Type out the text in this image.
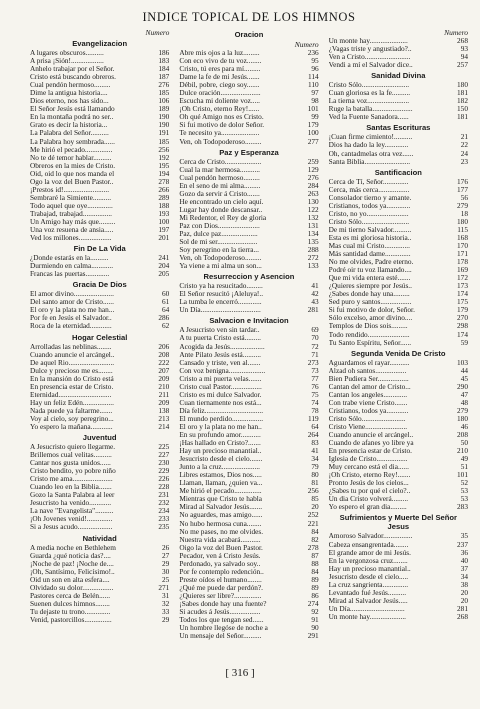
INDICE TOPICAL DE LOS HIMNOS
Numero
Evangelizacion
A lugares obscuros..........	186
A prisa ¡Sión!..................	183
Anhelo trabajar por el Señor.	184
Cristo está buscando obreros.	187
Cual pendón hermoso.........	276
Dime la antigua historia....	185
Dios eterno, nos has sido...	106
El Señor Jesús está llamando	189
En la montaña podrá no ser..	190
Grato es decir la historia...	190
La Palabra del Señor..........	191
La Palabra hoy sembrada......	185
Me hirió el pecado...............	256
No te dé temor hablar..........	192
Obreros en la mies de Cristo.	195
Oid, oid lo que nos manda el	194
Ogo la voz del Buen Pastor..	278
¡Prestos id!.........................	266
Sembraré la Simiente..........	289
Todo aquel que oye..............	188
Trabajad, trabajad................	193
Un Amigo hay más que.........	100
Una voz resuena de ansia.....	197
Ved los millones..................	201
Fin De La Vida
¿Donde estarás en la..........	241
Durmiendo en calma............	204
Francas las puertas.............	205
Gracia De Dios
El amor divino......................	60
Del santo amor de Cristo......	61
El oro y la plata no me han...	64
Por fe en Jesús el Salvador..	286
Roca de la eternidad............	62
Hogar Celestial
Arrolladas las neblinas........	206
Cuando anuncie el arcángel..	208
De aquel Rio.........................	222
Dulce y precioso me es........	207
En la mansión do Cristo está	209
En presencia estar de Cristo.	210
Eternidad.............................	211
Hay un feliz Edén.................	209
Nada puede ya faltarme.......	138
Voy al cielo, soy peregrino...	213
Yo espero la mañana............	214
Juventud
A Jesucristo quiero llegarme.	225
Brillemos cual velitas..........	227
Cantar nos gusta unidos......	230
Cristo bendito, yo pobre niño	229
Cristo me ama......................	226
Cuando leo en la Biblia.......	228
Gozo la Santa Palabra al leer	231
Jesucristo ha venido............	232
La nave "Evangelista"..........	234
¡Oh Jovenes venid!..............	233
Si a Jesus acudo...................	235
Natividad
A media noche en Bethlehem	26
Guarda ¿qué noticia das?....	27
¡Noche de paz! ¡Noche de....	29
¡Oh, Santísimo, Felicísimo!..	30
Oid un son en alta esfera....	25
Olvidado su dolor.................	271
Pastores cerca de Belén......	31
Suenen dulces himnos........	32
Tu dejaste tu trono..............	33
Venid, pastorcillos...............	29
Oracion
Numero
Abre mis ojos a la luz.........	236
Con eco vivo de tu voz........	95
Cristo, tú eres para mí.........	96
Dame la fe de mi Jesús.......	114
Débil, pobre, ciego soy.......	110
Dulce oración......................	97
Escucha mi doliente voz.....	98
¡Oh Cristo, eterno Rey!......	101
Oh qué Amigo nos es Cristo.	99
Si fui motivo de dolor Señor.	179
Te necesito ya.....................	100
Ven, oh Todopoderoso.........	277
Paz y Esperanza
Cerca de Cristo....................	259
Cual la mar hermosa...........	129
Cual pendón hermoso.........	276
En el seno de mi alma.........	284
Gozo da servir á Cristo.......	263
He encontrado un cielo aquí.	130
Lugar hay donde descansar..	122
Mi Redentor, el Rey de gloria	132
Paz con Dios.......................	131
Paz, dulce paz....................	134
Sol de mi ser......................	135
Soy peregrino en la tierra...	288
Ven, oh Todopoderoso.........	272
Ya viene a mi alma un son...	133
Resurreccion y Asencion
Cristo ya ha resucitado.........	41
El Señor resucitó ¡Aleluya!..	42
La tumba le encerró.............	43
Un Día.................................	281
Salvacion e Invitacion
A Jesucristo ven sin tardar..	69
A tu puerta Cristo está.........	70
Acogida da Jesús...................	72
Ante Pilato Jesús está..........	71
Cansado y triste, ven al.......	273
Con voz benigna....................	73
Cristo a mi puerta velas.......	77
Cristo cual Pastor.................	76
Cristo es mi dulce Salvador.	75
Cuan tiernamente nos está...	74
Día feliz................................	78
El mundo perdido.................	119
El oro y la plata no me han..	64
En su profundo amor...........	264
¡Has hallado en Cristo?.......	83
Hay un precioso manantial..	41
Jesucristo desde el cielo.......	34
Junto a la cruz.....................	79
Libres estamos, Dios nos.....	80
Llaman, llaman, ¿quien va...	81
Me hirió el pecado...............	256
Mientras que Cristo te habla	85
Mirad al Salvador Jesús.......	20
No aguardes, mas amigo......	252
No hubo hermosa cuna........	221
No me pases, no me olvides.	84
Nuestra vida acabará...........	82
Oigo la voz del Buen Pastor.	278
Pecador, ven á Cristo Jesús.	87
Perdonado, ya salvado soy..	88
Por fe contemplo redención..	84
Preste oídos el humano........	89
¿Qué me puede dar perdón?.	89
¿Quieres ser libre?...............	86
¡Sabes donde hay una fuente?	274
Si acudes á Jesús.................	92
Todos los que tengan sed......	91
Un hombre llegóse de noche a	90
Un mensaje del Señor..........	291
Numero
Un monte hay.....................	268
¿Vagas triste y angustiado?..	93
Ven a Cristo.........................	94
Vendi a mí el Salvador dice..	257
Sanidad Divina
Cristo Sólo..........................	180
Cuan gloriosa es la fe..........	181
La tierna voz.......................	182
Ruge la batalla......................	150
Ved la Fuente Sanadora......	181
Santas Escrituras
¡Cuan firme cimiento!..........	21
Dios ha dado la ley.............	22
Oh, cantadmelas otra vez......	24
Santa Biblia.........................	23
Santificacion
Cerca de Tí, Señor..............	176
Cerca, más cerca.................	177
Consolador tierno y amante.	56
Cristianos, todos ya.............	279
Cristo, no yo.......................	18
Cristo Sólo..........................	180
De mi tierno Salvador..........	115
Esta es mi gloriosa historia..	168
Mas cual mi Cristo..............	170
Más santidad dame..............	171
No me olvides, Padre eterno.	178
Podré oir tu voz llamando....	169
Que mi vida entera esté.......	172
¿Quieres siempre por Jesús..	173
¿Sabes donde hay una.........	174
Sed puro y santos.................	175
Si fui motivo de dolor, Señor.	179
Sólo excelso, amor divino....	270
Templos de Dios sois.........	298
Todo rendido.......................	174
Tu Santo Espíritu, Señor......	59
Segunda Venida De Cristo
Aguardamos el rayar...........	103
Alzad oh santos.................	44
Bien Pudiera Ser.................	45
Cantan del amor de Cristo...	290
Cantan los angeles.............	47
Con trabe viene Cristo.......	48
Cristianos, todos ya............	279
Cristo Sólo........................	180
Cristo Viene.......................	46
Cuando anuncie el arcángel..	208
Cuando de afanes yo libre ya	50
En presencia estar de Cristo.	210
Iglesia de Cristo.................	49
Muy cercano está el dia......	51
¡Oh Cristo, eterno Rey!.......	101
Pronto Jesús de los cielos...	52
¿Sabes tu por qué el cielo?..	53
Un dia Cristo volverá.........	53
Yo espero el gran dia.........	283
Sufrimientos y Muerte Del Señor Jesus
Amoroso Salvador................	35
Cabeza ensangrentada........	237
El grande amor de mi Jesús.	36
En la vergonzosa cruz........	40
Hay un precioso manantial..	37
Jesucristo desde el cielo.....	34
La cruz sangrienta..............	38
Levantado fué Jesús..........	20
Mirad al Salvador Jesús.....	20
Un Día..............................	281
Un monte hay....................	268
[ 316 ]
